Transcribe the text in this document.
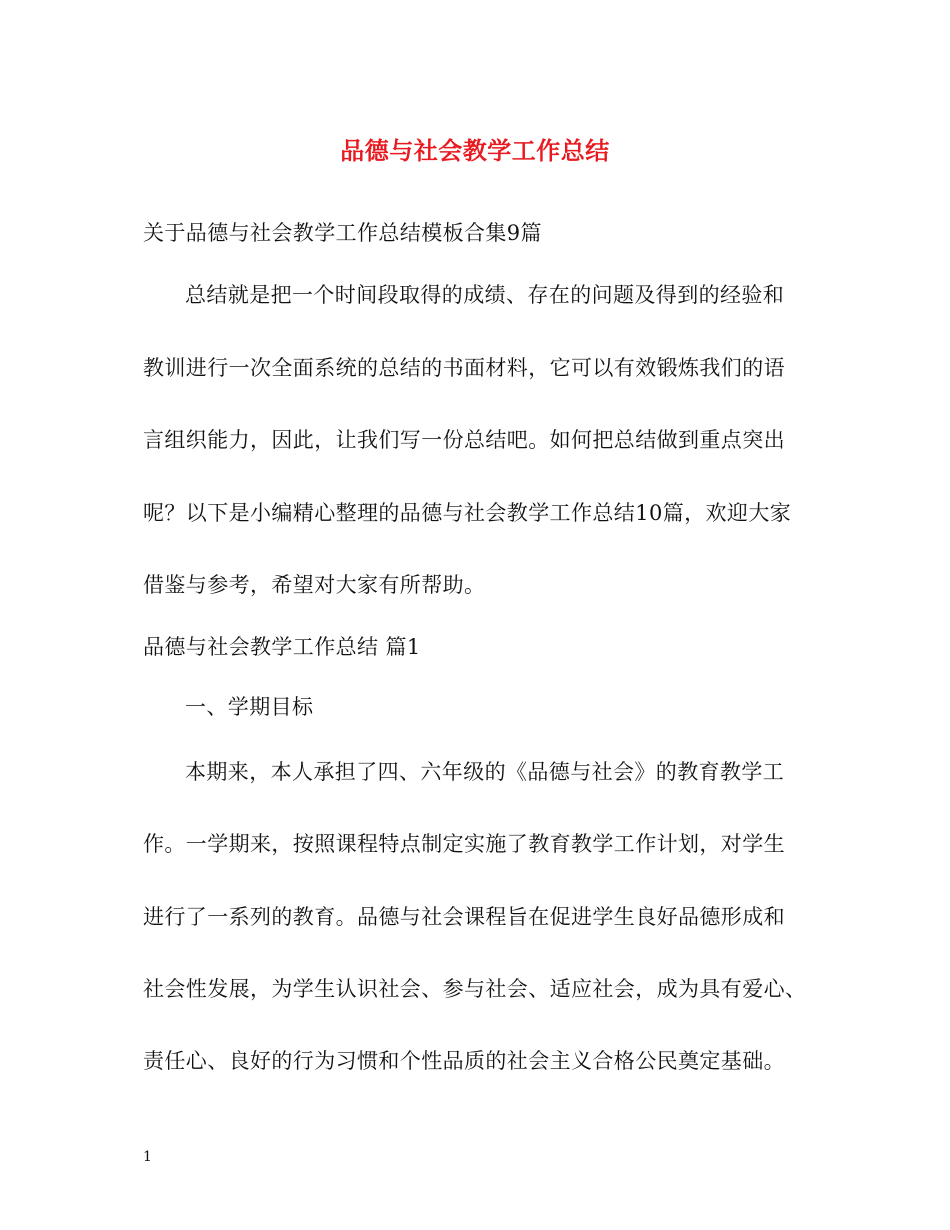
品德与社会教学工作总结
关于品德与社会教学工作总结模板合集9篇
总结就是把一个时间段取得的成绩、存在的问题及得到的经验和
教训进行一次全面系统的总结的书面材料，它可以有效锻炼我们的语
言组织能力，因此，让我们写一份总结吧。如何把总结做到重点突出
呢？以下是小编精心整理的品德与社会教学工作总结10篇，欢迎大家
借鉴与参考，希望对大家有所帮助。
品德与社会教学工作总结 篇1
一、学期目标
本期来，本人承担了四、六年级的《品德与社会》的教育教学工
作。一学期来，按照课程特点制定实施了教育教学工作计划，对学生
进行了一系列的教育。品德与社会课程旨在促进学生良好品德形成和
社会性发展，为学生认识社会、参与社会、适应社会，成为具有爱心、
责任心、良好的行为习惯和个性品质的社会主义合格公民奠定基础。
1
